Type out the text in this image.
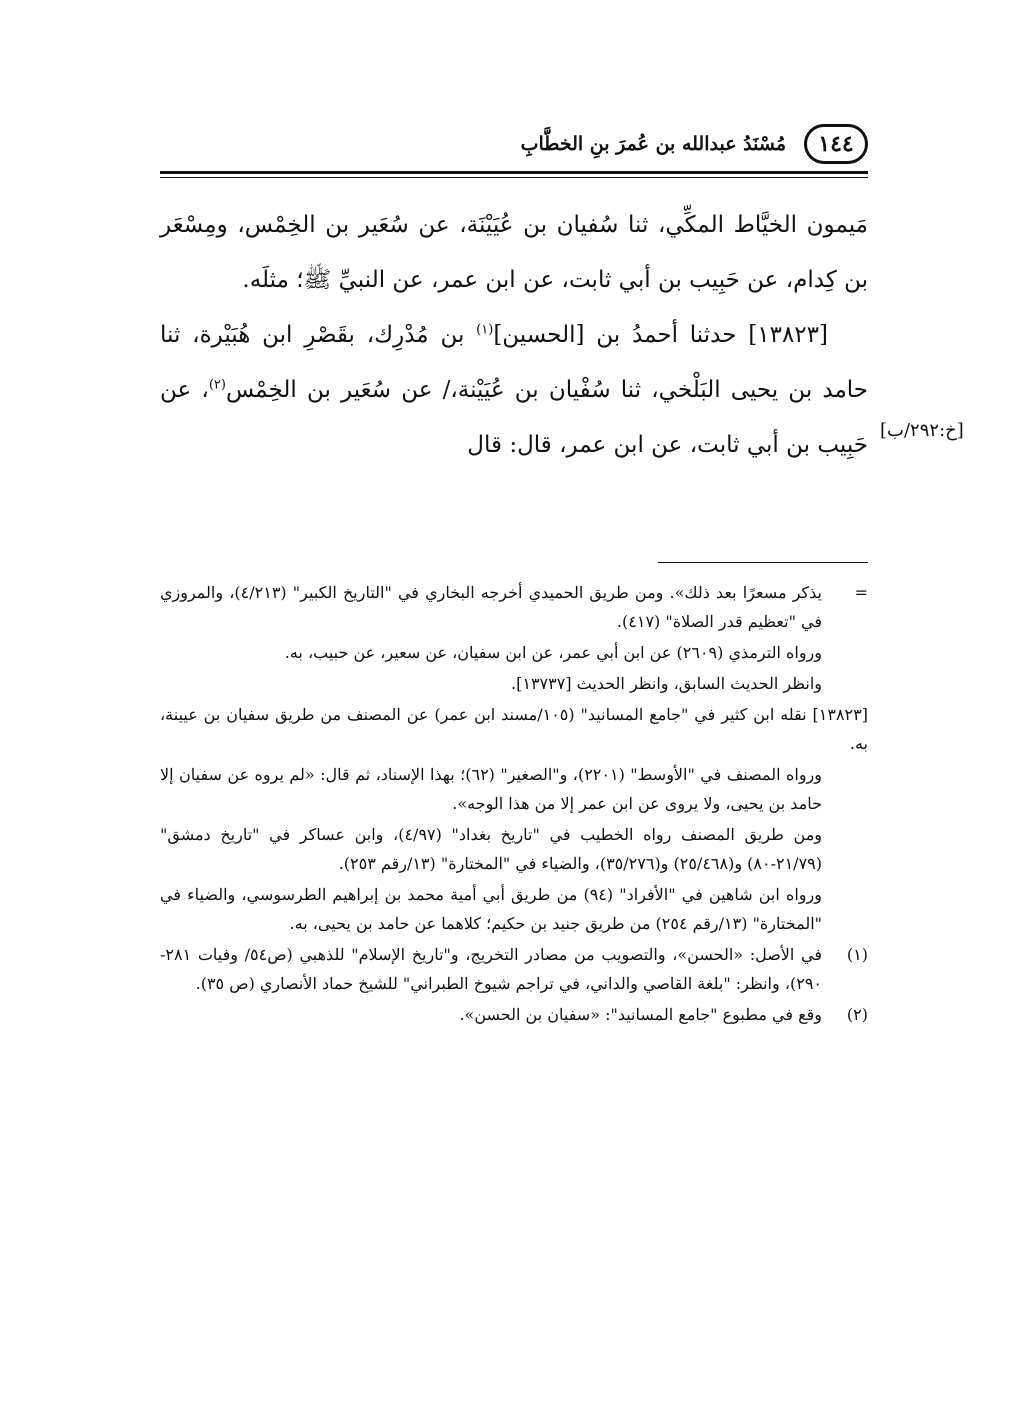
١٤٤
مُسْنَدُ عبدالله بن عُمرَ بنِ الخطَّابِ

مَيمون الخيَّاط المكِّي، ثنا سُفيان بن عُيَيْنَة، عن سُعَير بن الخِمْس، ومِسْعَر بن كِدام، عن حَبِيب بن أبي ثابت، عن ابن عمر، عن النبيِّ ﷺ؛ مثلَه.

[١٣٨٢٣] حدثنا أحمدُ بن [الحسين]$^{(١)}$ بن مُدْرِك، بقَصْرِ ابن هُبَيْرة، ثنا حامد بن يحيى البَلْخي، ثنا سُفْيان بن عُيَيْنة،/ عن سُعَير بن الخِمْس$^{(٢)}$، عن حَبِيب بن أبي ثابت، عن ابن عمر، قال: قال

[خ:٢٩٢/ب]
=
يذكر مسعرًا بعد ذلك». ومن طريق الحميدي أخرجه البخاري في "التاريخ الكبير" (٤/٢١٣)، والمروزي في "تعظيم قدر الصلاة" (٤١٧).
ورواه الترمذي (٢٦٠٩) عن ابن أبي عمر، عن ابن سفيان، عن سعير، عن حبيب، به.
وانظر الحديث السابق، وانظر الحديث [١٣٧٣٧].
[١٣٨٢٣] نقله ابن كثير في "جامع المسانيد" (١٠٥/مسند ابن عمر) عن المصنف من طريق سفيان بن عيينة، به.
ورواه المصنف في "الأوسط" (٢٢٠١)، و"الصغير" (٦٢)؛ بهذا الإسناد، ثم قال: «لم يروه عن سفيان إلا حامد بن يحيى، ولا يروى عن ابن عمر إلا من هذا الوجه».
ومن طريق المصنف رواه الخطيب في "تاريخ بغداد" (٤/٩٧)، وابن عساكر في "تاريخ دمشق" (٢١/٧٩-٨٠) و(٢٥/٤٦٨) و(٣٥/٢٧٦)، والضياء في "المختارة" (١٣/رقم ٢٥٣).
ورواه ابن شاهين في "الأفراد" (٩٤) من طريق أبي أمية محمد بن إبراهيم الطرسوسي، والضياء في "المختارة" (١٣/رقم ٢٥٤) من طريق جنيد بن حكيم؛ كلاهما عن حامد بن يحيى، به.
(١)
في الأصل: «الحسن»، والتصويب من مصادر التخريج، و"تاريخ الإسلام" للذهبي (ص٥٤/ وفيات ٢٨١- ٢٩٠)، وانظر: "بلغة القاصي والداني، في تراجم شيوخ الطبراني" للشيخ حماد الأنصاري (ص ٣٥).
(٢)
وقع في مطبوع "جامع المسانيد": «سفيان بن الحسن».
